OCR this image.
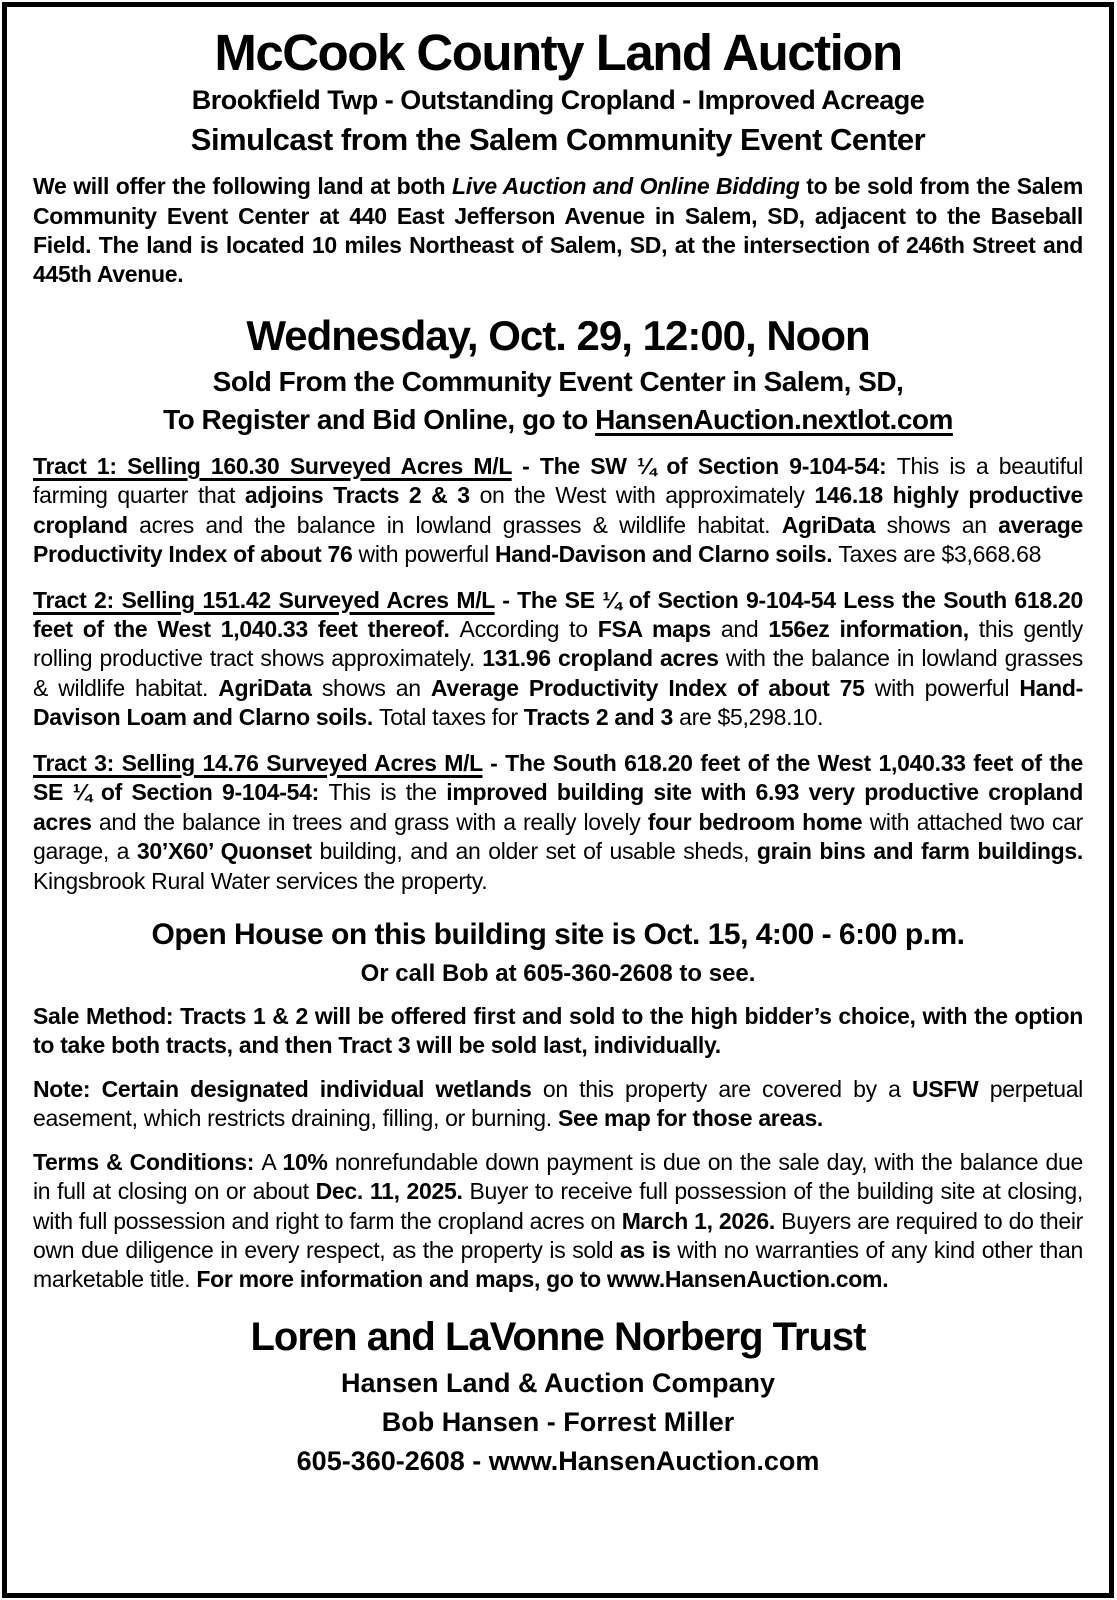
McCook County Land Auction
Brookfield Twp - Outstanding Cropland - Improved Acreage
Simulcast from the Salem Community Event Center
We will offer the following land at both Live Auction and Online Bidding to be sold from the Salem Community Event Center at 440 East Jefferson Avenue in Salem, SD, adjacent to the Baseball Field. The land is located 10 miles Northeast of Salem, SD, at the intersection of 246th Street and 445th Avenue.
Wednesday, Oct. 29, 12:00, Noon
Sold From the Community Event Center in Salem, SD,
To Register and Bid Online, go to HansenAuction.nextlot.com
Tract 1: Selling 160.30 Surveyed Acres M/L - The SW ¼ of Section 9-104-54: This is a beautiful farming quarter that adjoins Tracts 2 & 3 on the West with approximately 146.18 highly productive cropland acres and the balance in lowland grasses & wildlife habitat. AgriData shows an average Productivity Index of about 76 with powerful Hand-Davison and Clarno soils. Taxes are $3,668.68
Tract 2: Selling 151.42 Surveyed Acres M/L - The SE ¼ of Section 9-104-54 Less the South 618.20 feet of the West 1,040.33 feet thereof. According to FSA maps and 156ez information, this gently rolling productive tract shows approximately. 131.96 cropland acres with the balance in lowland grasses & wildlife habitat. AgriData shows an Average Productivity Index of about 75 with powerful Hand-Davison Loam and Clarno soils. Total taxes for Tracts 2 and 3 are $5,298.10.
Tract 3: Selling 14.76 Surveyed Acres M/L - The South 618.20 feet of the West 1,040.33 feet of the SE ¼ of Section 9-104-54: This is the improved building site with 6.93 very productive cropland acres and the balance in trees and grass with a really lovely four bedroom home with attached two car garage, a 30’X60’ Quonset building, and an older set of usable sheds, grain bins and farm buildings. Kingsbrook Rural Water services the property.
Open House on this building site is Oct. 15, 4:00 - 6:00 p.m.
Or call Bob at 605-360-2608 to see.
Sale Method: Tracts 1 & 2 will be offered first and sold to the high bidder’s choice, with the option to take both tracts, and then Tract 3 will be sold last, individually.
Note: Certain designated individual wetlands on this property are covered by a USFW perpetual easement, which restricts draining, filling, or burning. See map for those areas.
Terms & Conditions: A 10% nonrefundable down payment is due on the sale day, with the balance due in full at closing on or about Dec. 11, 2025. Buyer to receive full possession of the building site at closing, with full possession and right to farm the cropland acres on March 1, 2026. Buyers are required to do their own due diligence in every respect, as the property is sold as is with no warranties of any kind other than marketable title. For more information and maps, go to www.HansenAuction.com.
Loren and LaVonne Norberg Trust
Hansen Land & Auction Company
Bob Hansen - Forrest Miller
605-360-2608 - www.HansenAuction.com
